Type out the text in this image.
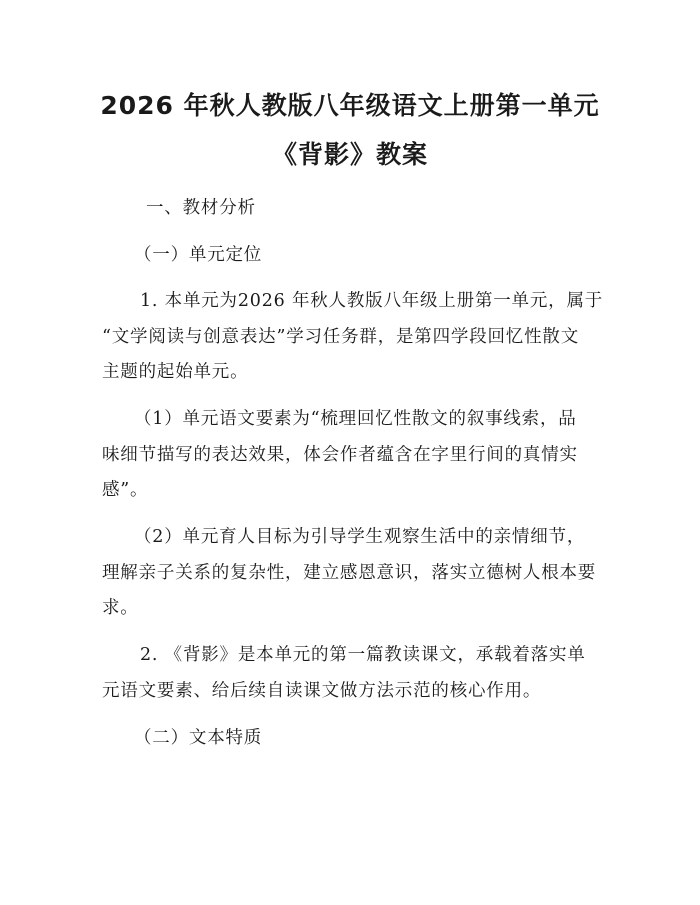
2026 年秋人教版八年级语文上册第一单元
《背影》教案
一、教材分析
（一）单元定位
1. 本单元为2026 年秋人教版八年级上册第一单元，属于
“文学阅读与创意表达”学习任务群，是第四学段回忆性散文
主题的起始单元。
（1）单元语文要素为“梳理回忆性散文的叙事线索，品
味细节描写的表达效果，体会作者蕴含在字里行间的真情实
感”。
（2）单元育人目标为引导学生观察生活中的亲情细节，
理解亲子关系的复杂性，建立感恩意识，落实立德树人根本要
求。
2. 《背影》是本单元的第一篇教读课文，承载着落实单
元语文要素、给后续自读课文做方法示范的核心作用。
（二）文本特质
